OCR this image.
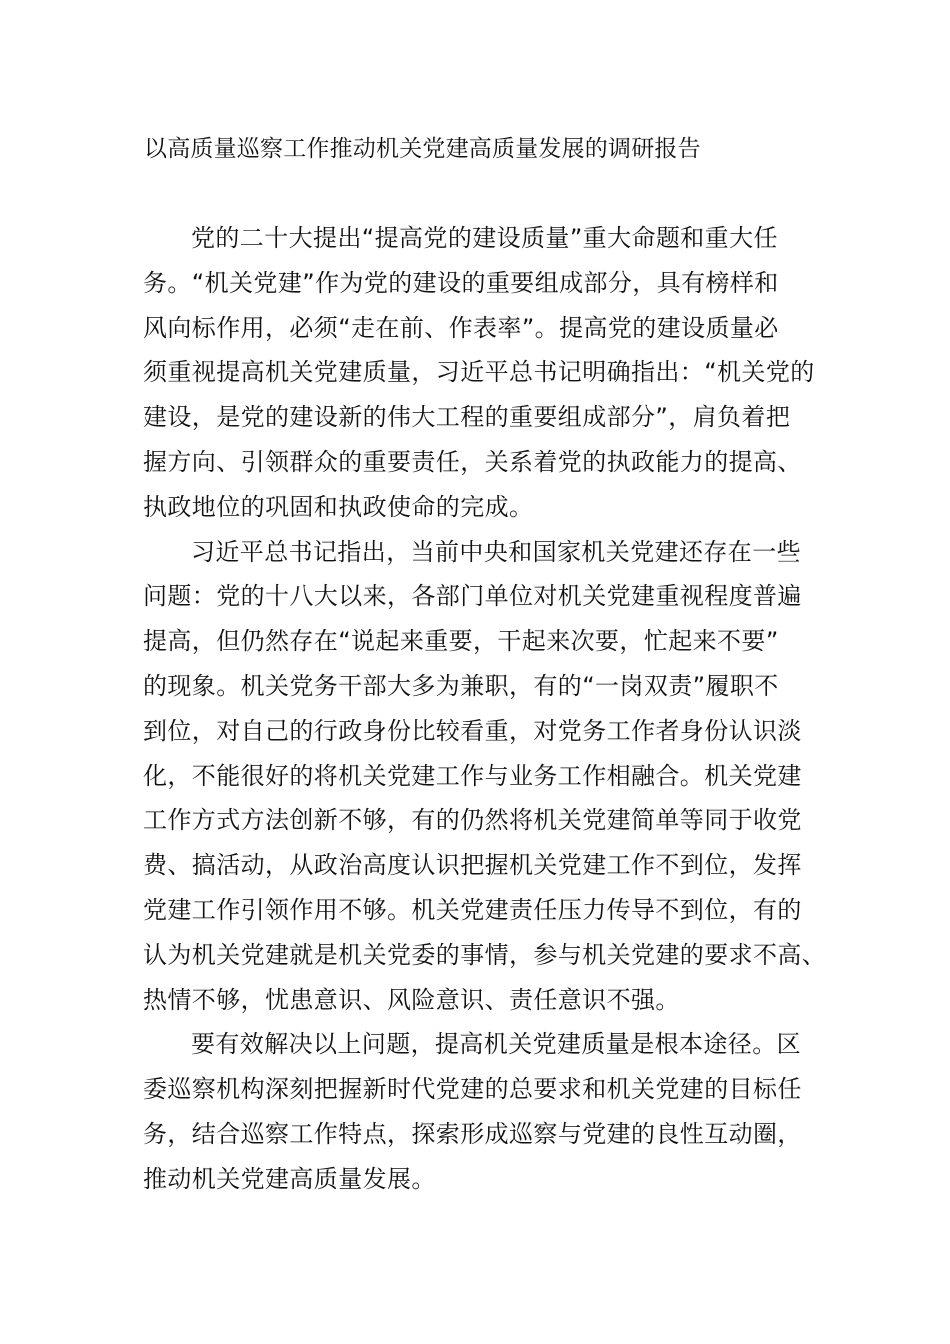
以高质量巡察工作推动机关党建高质量发展的调研报告

党的二十大提出“提高党的建设质量”重大命题和重大任
务。“机关党建”作为党的建设的重要组成部分，具有榜样和
风向标作用，必须“走在前、作表率”。提高党的建设质量必
须重视提高机关党建质量，习近平总书记明确指出：“机关党的
建设，是党的建设新的伟大工程的重要组成部分”，肩负着把
握方向、引领群众的重要责任，关系着党的执政能力的提高、
执政地位的巩固和执政使命的完成。

习近平总书记指出，当前中央和国家机关党建还存在一些
问题：党的十八大以来，各部门单位对机关党建重视程度普遍
提高，但仍然存在“说起来重要，干起来次要，忙起来不要”
的现象。机关党务干部大多为兼职，有的“一岗双责”履职不
到位，对自己的行政身份比较看重，对党务工作者身份认识淡
化，不能很好的将机关党建工作与业务工作相融合。机关党建
工作方式方法创新不够，有的仍然将机关党建简单等同于收党
费、搞活动，从政治高度认识把握机关党建工作不到位，发挥
党建工作引领作用不够。机关党建责任压力传导不到位，有的
认为机关党建就是机关党委的事情，参与机关党建的要求不高、
热情不够，忧患意识、风险意识、责任意识不强。

要有效解决以上问题，提高机关党建质量是根本途径。区
委巡察机构深刻把握新时代党建的总要求和机关党建的目标任
务，结合巡察工作特点，探索形成巡察与党建的良性互动圈，
推动机关党建高质量发展。
